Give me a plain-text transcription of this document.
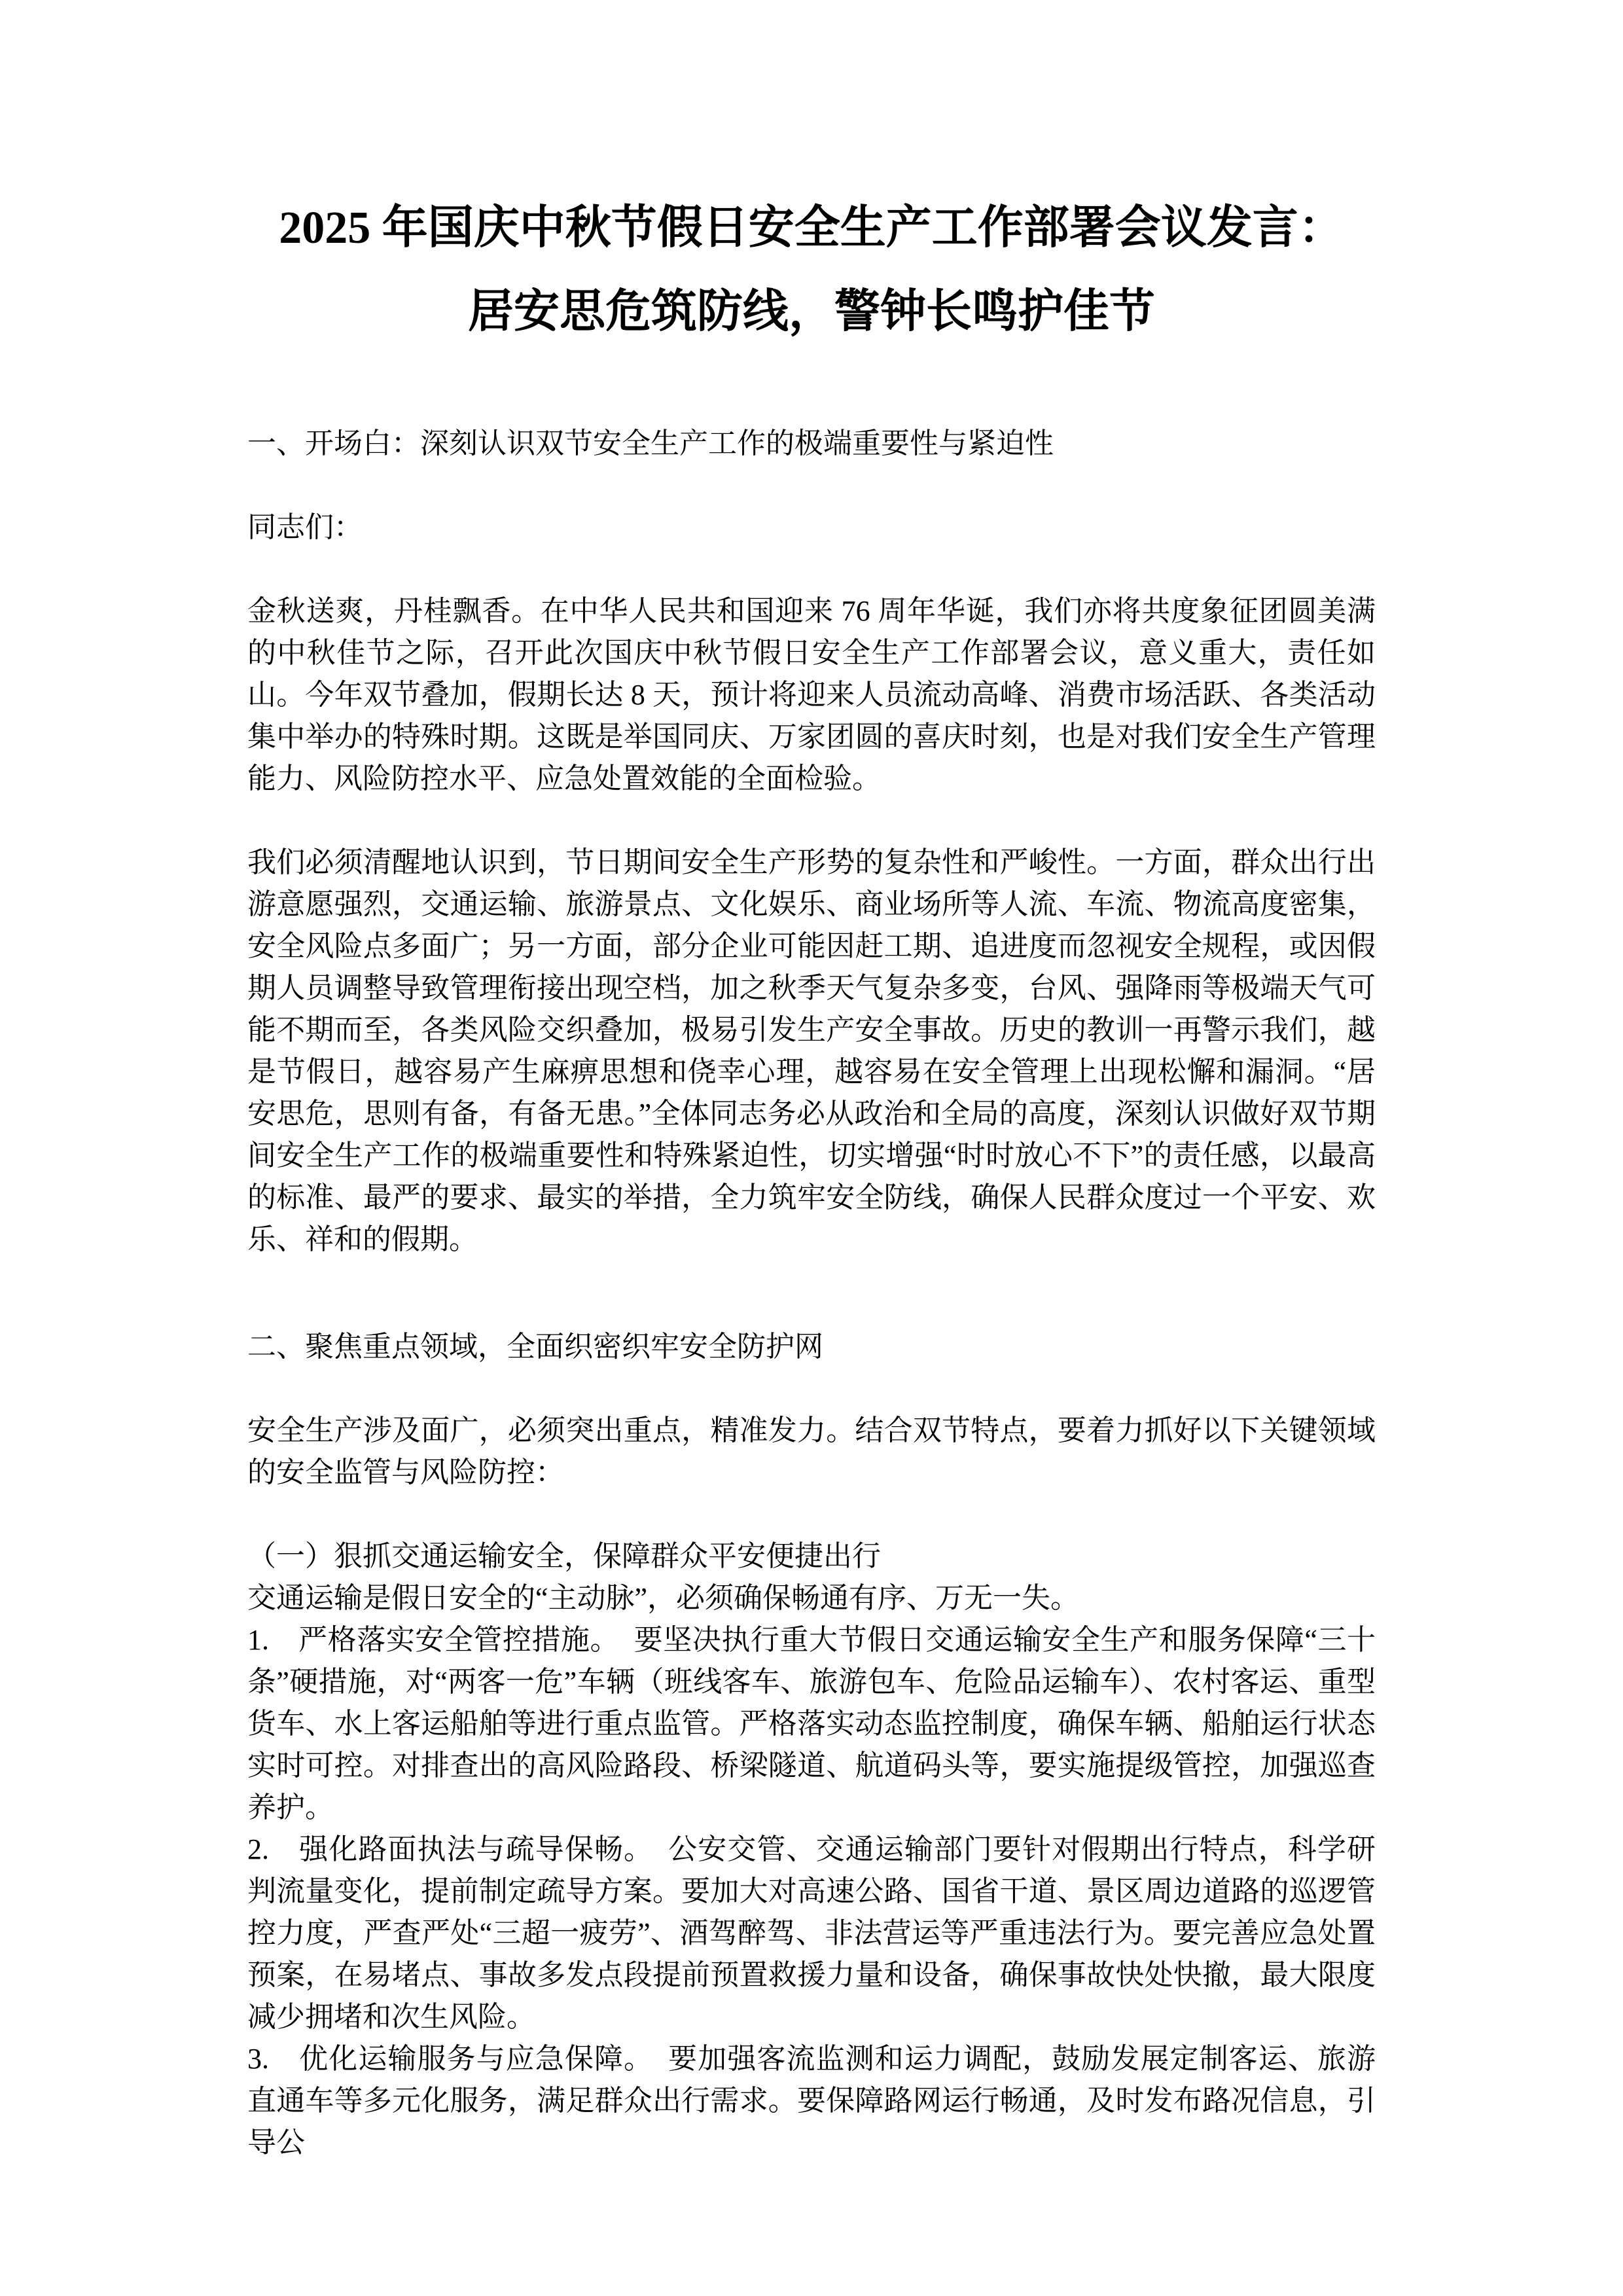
2025 年国庆中秋节假日安全生产工作部署会议发言：
居安思危筑防线，警钟长鸣护佳节
一、开场白：深刻认识双节安全生产工作的极端重要性与紧迫性
同志们：
金秋送爽，丹桂飘香。在中华人民共和国迎来 76 周年华诞，我们亦将共度象征团圆美满的中秋佳节之际，召开此次国庆中秋节假日安全生产工作部署会议，意义重大，责任如山。今年双节叠加，假期长达 8 天，预计将迎来人员流动高峰、消费市场活跃、各类活动集中举办的特殊时期。这既是举国同庆、万家团圆的喜庆时刻，也是对我们安全生产管理能力、风险防控水平、应急处置效能的全面检验。
我们必须清醒地认识到，节日期间安全生产形势的复杂性和严峻性。一方面，群众出行出游意愿强烈，交通运输、旅游景点、文化娱乐、商业场所等人流、车流、物流高度密集，安全风险点多面广；另一方面，部分企业可能因赶工期、追进度而忽视安全规程，或因假期人员调整导致管理衔接出现空档，加之秋季天气复杂多变，台风、强降雨等极端天气可能不期而至，各类风险交织叠加，极易引发生产安全事故。历史的教训一再警示我们，越是节假日，越容易产生麻痹思想和侥幸心理，越容易在安全管理上出现松懈和漏洞。“居安思危，思则有备，有备无患。”全体同志务必从政治和全局的高度，深刻认识做好双节期间安全生产工作的极端重要性和特殊紧迫性，切实增强“时时放心不下”的责任感，以最高的标准、最严的要求、最实的举措，全力筑牢安全防线，确保人民群众度过一个平安、欢乐、祥和的假期。
二、聚焦重点领域，全面织密织牢安全防护网
安全生产涉及面广，必须突出重点，精准发力。结合双节特点，要着力抓好以下关键领域的安全监管与风险防控：
（一）狠抓交通运输安全，保障群众平安便捷出行
交通运输是假日安全的“主动脉”，必须确保畅通有序、万无一失。
1.　严格落实安全管控措施。　要坚决执行重大节假日交通运输安全生产和服务保障“三十条”硬措施，对“两客一危”车辆（班线客车、旅游包车、危险品运输车）、农村客运、重型货车、水上客运船舶等进行重点监管。严格落实动态监控制度，确保车辆、船舶运行状态实时可控。对排查出的高风险路段、桥梁隧道、航道码头等，要实施提级管控，加强巡查养护。
2.　强化路面执法与疏导保畅。　公安交管、交通运输部门要针对假期出行特点，科学研判流量变化，提前制定疏导方案。要加大对高速公路、国省干道、景区周边道路的巡逻管控力度，严查严处“三超一疲劳”、酒驾醉驾、非法营运等严重违法行为。要完善应急处置预案，在易堵点、事故多发点段提前预置救援力量和设备，确保事故快处快撤，最大限度减少拥堵和次生风险。
3.　优化运输服务与应急保障。　要加强客流监测和运力调配，鼓励发展定制客运、旅游直通车等多元化服务，满足群众出行需求。要保障路网运行畅通，及时发布路况信息，引导公
